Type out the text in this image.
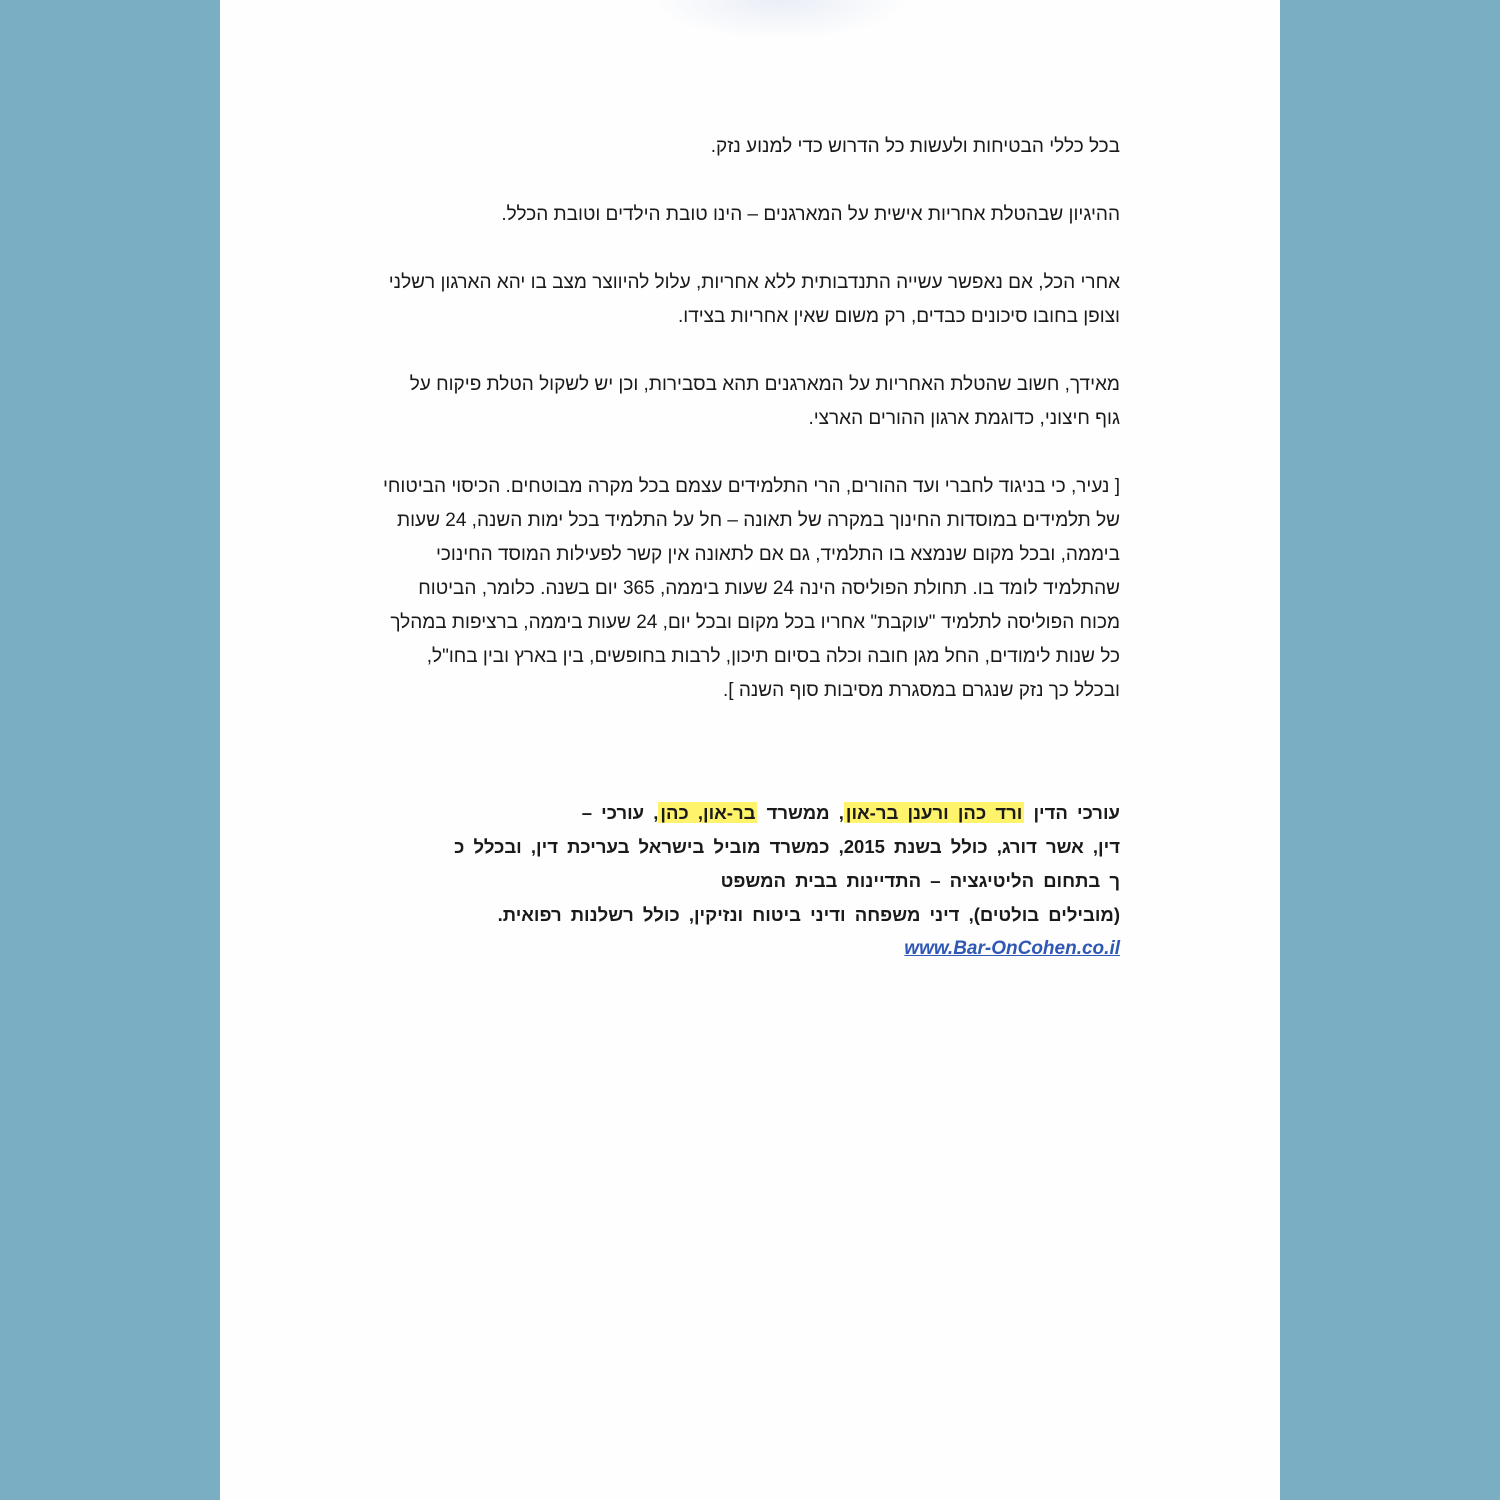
בכל כללי הבטיחות ולעשות כל הדרוש כדי למנוע נזק.

ההיגיון שבהטלת אחריות אישית על המארגנים – הינו טובת הילדים וטובת הכלל.

אחרי הכל, אם נאפשר עשייה התנדבותית ללא אחריות, עלול להיווצר מצב בו יהא הארגון רשלני וצופן בחובו סיכונים כבדים, רק משום שאין אחריות בצידו.

מאידך, חשוב שהטלת האחריות על המארגנים תהא בסבירות, וכן יש לשקול הטלת פיקוח על גוף חיצוני, כדוגמת ארגון ההורים הארצי.

[ נעיר, כי בניגוד לחברי ועד ההורים, הרי התלמידים עצמם בכל מקרה מבוטחים. הכיסוי הביטוחי של תלמידים במוסדות החינוך במקרה של תאונה – חל על התלמיד בכל ימות השנה, 24 שעות ביממה, ובכל מקום שנמצא בו התלמיד, גם אם לתאונה אין קשר לפעילות המוסד החינוכי שהתלמיד לומד בו. תחולת הפוליסה הינה 24 שעות ביממה, 365 יום בשנה. כלומר, הביטוח מכוח הפוליסה לתלמיד "עוקבת" אחריו בכל מקום ובכל יום, 24 שעות ביממה, ברציפות במהלך כל שנות לימודים, החל מגן חובה וכלה בסיום תיכון, לרבות בחופשים, בין בארץ ובין בחו"ל, ובכלל כך נזק שנגרם במסגרת מסיבות סוף השנה ].

עורכי הדין ורד כהן ורענן בר-און, ממשרד בר-און, כהן, עורכי –
דין, אשר דורג, כולל בשנת 2015, כמשרד מוביל בישראל בעריכת דין, ובכלל כ
ך בתחום הליטיגציה – התדיינות בבית המשפט
(מובילים בולטים), דיני משפחה ודיני ביטוח ונזיקין, כולל רשלנות רפואית.
www.Bar-OnCohen.co.il
